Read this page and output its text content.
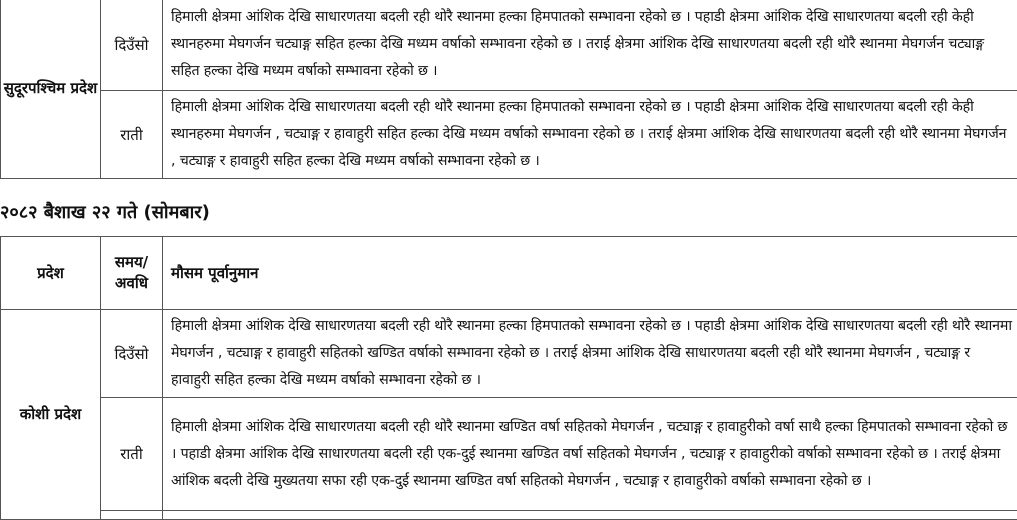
सुदूरपश्चिम प्रदेश	दिउँसो	हिमाली क्षेत्रमा आंशिक देखि साधारणतया बदली रही थोरै स्थानमा हल्का हिमपातको सम्भावना रहेको छ । पहाडी क्षेत्रमा आंशिक देखि साधारणतया बदली रही केही स्थानहरुमा मेघगर्जन चट्याङ्ग सहित हल्का देखि मध्यम वर्षाको सम्भावना रहेको छ । तराई क्षेत्रमा आंशिक देखि साधारणतया बदली रही थोरै स्थानमा मेघगर्जन चट्याङ्ग सहित हल्का देखि मध्यम वर्षाको सम्भावना रहेको छ ।
	राती	हिमाली क्षेत्रमा आंशिक देखि साधारणतया बदली रही थोरै स्थानमा हल्का हिमपातको सम्भावना रहेको छ । पहाडी क्षेत्रमा आंशिक देखि साधारणतया बदली रही केही स्थानहरुमा मेघगर्जन , चट्याङ्ग र हावाहुरी सहित हल्का देखि मध्यम वर्षाको सम्भावना रहेको छ । तराई क्षेत्रमा आंशिक देखि साधारणतया बदली रही थोरै स्थानमा मेघगर्जन , चट्याङ्ग र हावाहुरी सहित हल्का देखि मध्यम वर्षाको सम्भावना रहेको छ ।
२०८२ बैशाख २२ गते (सोमबार)
प्रदेश	समय/ अवधि	मौसम पूर्वानुमान
कोशी प्रदेश	दिउँसो	हिमाली क्षेत्रमा आंशिक देखि साधारणतया बदली रही थोरै स्थानमा हल्का हिमपातको सम्भावना रहेको छ । पहाडी क्षेत्रमा आंशिक देखि साधारणतया बदली रही थोरै स्थानमा मेघगर्जन , चट्याङ्ग र हावाहुरी सहितको खण्डित वर्षाको सम्भावना रहेको छ । तराई क्षेत्रमा आंशिक देखि साधारणतया बदली रही थोरै स्थानमा मेघगर्जन , चट्याङ्ग र हावाहुरी सहित हल्का देखि मध्यम वर्षाको सम्भावना रहेको छ ।
	राती	हिमाली क्षेत्रमा आंशिक देखि साधारणतया बदली रही थोरै स्थानमा खण्डित वर्षा सहितको मेघगर्जन , चट्याङ्ग र हावाहुरीको वर्षा साथै हल्का हिमपातको सम्भावना रहेको छ । पहाडी क्षेत्रमा आंशिक देखि साधारणतया बदली रही एक-दुई स्थानमा खण्डित वर्षा सहितको मेघगर्जन , चट्याङ्ग र हावाहुरीको वर्षाको सम्भावना रहेको छ । तराई क्षेत्रमा आंशिक बदली देखि मुख्यतया सफा रही एक-दुई स्थानमा खण्डित वर्षा सहितको मेघगर्जन , चट्याङ्ग र हावाहुरीको वर्षाको सम्भावना रहेको छ ।
